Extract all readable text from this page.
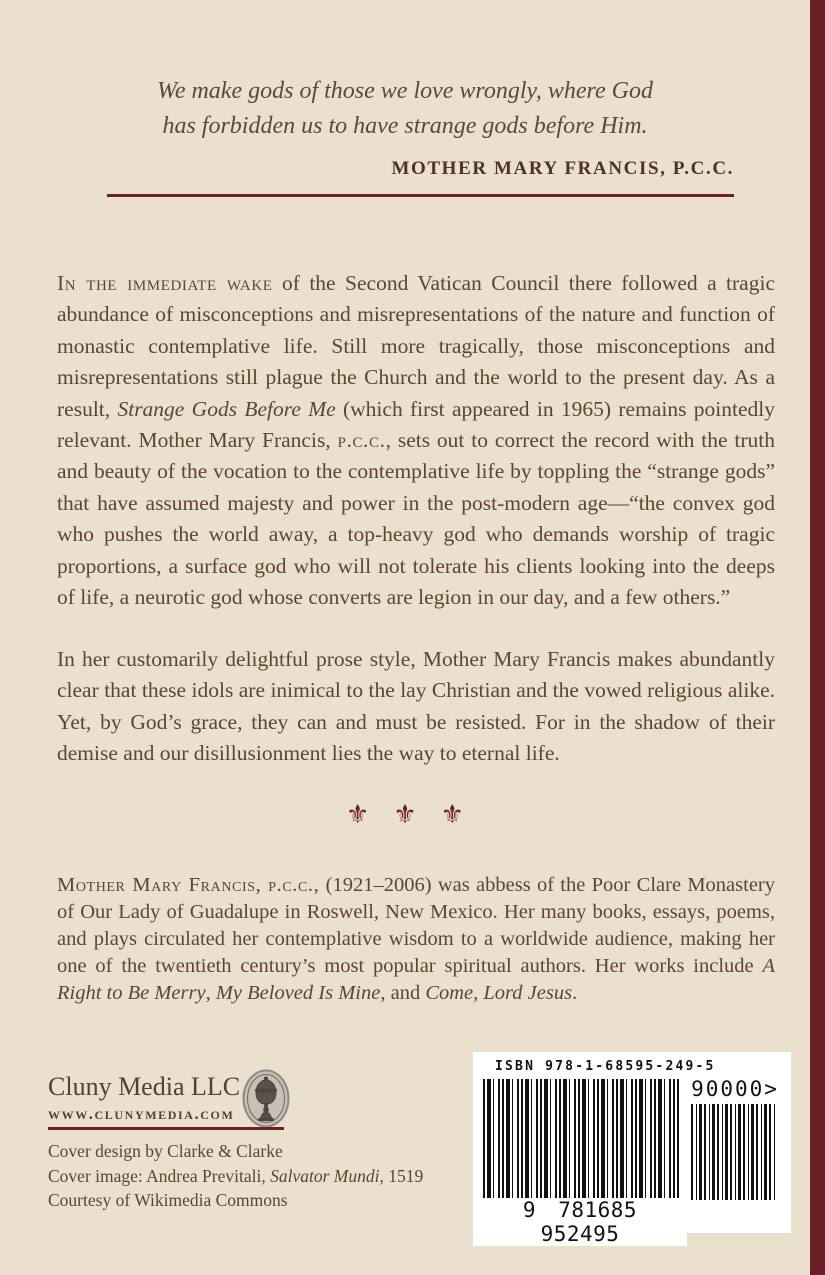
We make gods of those we love wrongly, where God
has forbidden us to have strange gods before Him.
MOTHER MARY FRANCIS, P.C.C.

In the immediate wake of the Second Vatican Council there followed a tragic abundance of misconceptions and misrepresentations of the nature and function of monastic contemplative life. Still more tragically, those misconceptions and misrepresentations still plague the Church and the world to the present day. As a result, Strange Gods Before Me (which first appeared in 1965) remains pointedly relevant. Mother Mary Francis, p.c.c., sets out to correct the record with the truth and beauty of the vocation to the contemplative life by toppling the “strange gods” that have assumed majesty and power in the post-modern age—“the convex god who pushes the world away, a top-heavy god who demands worship of tragic proportions, a surface god who will not tolerate his clients looking into the deeps of life, a neurotic god whose converts are legion in our day, and a few others.”

In her customarily delightful prose style, Mother Mary Francis makes abundantly clear that these idols are inimical to the lay Christian and the vowed religious alike. Yet, by God’s grace, they can and must be resisted. For in the shadow of their demise and our disillusionment lies the way to eternal life.

⚜ ⚜ ⚜

Mother Mary Francis, p.c.c., (1921–2006) was abbess of the Poor Clare Monastery of Our Lady of Guadalupe in Roswell, New Mexico. Her many books, essays, poems, and plays circulated her contemplative wisdom to a worldwide audience, making her one of the twentieth century’s most popular spiritual authors. Her works include A Right to Be Merry, My Beloved Is Mine, and Come, Lord Jesus.

Cluny Media LLC
www.clunymedia.com
Cover design by Clarke & Clarke
Cover image: Andrea Previtali, Salvator Mundi, 1519
Courtesy of Wikimedia Commons
ISBN 978-1-68595-249-5
9 781685 952495
90000>
